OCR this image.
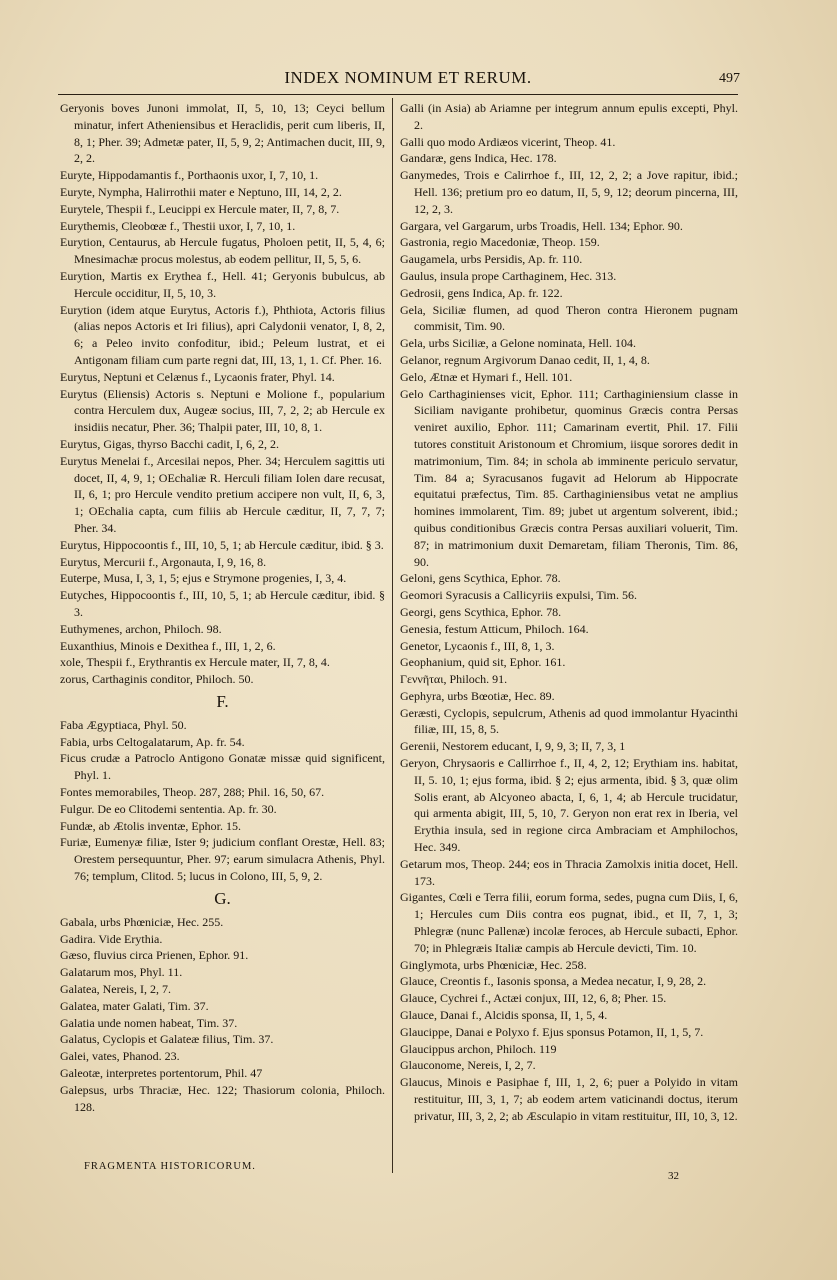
INDEX NOMINUM ET RERUM.	497
Geryonis boves Junoni immolat, II, 5, 10, 13; Ceyci bellum minatur, infert Atheniensibus et Heraclidis, perit cum liberis, II, 8, 1; Pher. 39; Admetæ pater, II, 5, 9, 2; Antimachen ducit, III, 9, 2, 2.
Euryte, Hippodamantis f., Porthaonis uxor, I, 7, 10, 1.
Euryte, Nympha, Halirrothii mater e Neptuno, III, 14, 2, 2.
Eurytele, Thespii f., Leucippi ex Hercule mater, II, 7, 8, 7.
Eurythemis, Cleobœæ f., Thestii uxor, I, 7, 10, 1.
Eurytion, Centaurus, ab Hercule fugatus, Pholoen petit, II, 5, 4, 6; Mnesimachæ procus molestus, ab eodem pellitur, II, 5, 5, 6.
Eurytion, Martis ex Erythea f., Hell. 41; Geryonis bubulcus, ab Hercule occiditur, II, 5, 10, 3.
Eurytion (idem atque Eurytus, Actoris f.), Phthiota, Actoris filius (alias nepos Actoris et Iri filius), apri Calydonii venator, I, 8, 2, 6; a Peleo invito confoditur, ibid.; Peleum lustrat, et ei Antigonam filiam cum parte regni dat, III, 13, 1, 1. Cf. Pher. 16.
Eurytus, Neptuni et Celænus f., Lycaonis frater, Phyl. 14.
Eurytus (Eliensis) Actoris s. Neptuni e Molione f., popularium contra Herculem dux, Augeæ socius, III, 7, 2, 2; ab Hercule ex insidiis necatur, Pher. 36; Thalpii pater, III, 10, 8, 1.
Eurytus, Gigas, thyrso Bacchi cadit, I, 6, 2, 2.
Eurytus Menelai f., Arcesilai nepos, Pher. 34; Herculem sagittis uti docet, II, 4, 9, 1; OEchaliæ R. Herculi filiam Iolen dare recusat, II, 6, 1; pro Hercule vendito pretium accipere non vult, II, 6, 3, 1; OEchalia capta, cum filiis ab Hercule cæditur, II, 7, 7, 7; Pher. 34.
Eurytus, Hippocoontis f., III, 10, 5, 1; ab Hercule cæditur, ibid. § 3.
Eurytus, Mercurii f., Argonauta, I, 9, 16, 8.
Euterpe, Musa, I, 3, 1, 5; ejus e Strymone progenies, I, 3, 4.
Eutyches, Hippocoontis f., III, 10, 5, 1; ab Hercule cæditur, ibid. § 3.
Euthymenes, archon, Philoch. 98.
Euxanthius, Minois e Dexithea f., III, 1, 2, 6.
xole, Thespii f., Erythrantis ex Hercule mater, II, 7, 8, 4.
zorus, Carthaginis conditor, Philoch. 50.
F.
Faba Ægyptiaca, Phyl. 50.
Fabia, urbs Celtogalatarum, Ap. fr. 54.
Ficus crudæ a Patroclo Antigono Gonatæ missæ quid significent, Phyl. 1.
Fontes memorabiles, Theop. 287, 288; Phil. 16, 50, 67.
Fulgur. De eo Clitodemi sententia. Ap. fr. 30.
Fundæ, ab Ætolis inventæ, Ephor. 15.
Furiæ, Eumenyæ filiæ, Ister 9; judicium conflant Orestæ, Hell. 83; Orestem persequuntur, Pher. 97; earum simulacra Athenis, Phyl. 76; templum, Clitod. 5; lucus in Colono, III, 5, 9, 2.
G.
Gabala, urbs Phœniciæ, Hec. 255.
Gadira. Vide Erythia.
Gæso, fluvius circa Prienen, Ephor. 91.
Galatarum mos, Phyl. 11.
Galatea, Nereis, I, 2, 7.
Galatea, mater Galati, Tim. 37.
Galatia unde nomen habeat, Tim. 37.
Galatus, Cyclopis et Galateæ filius, Tim. 37.
Galei, vates, Phanod. 23.
Galeotæ, interpretes portentorum, Phil. 47
Galepsus, urbs Thraciæ, Hec. 122; Thasiorum colonia, Philoch. 128.
Galli (in Asia) ab Ariamne per integrum annum epulis excepti, Phyl. 2.
Galli quo modo Ardiæos vicerint, Theop. 41.
Gandaræ, gens Indica, Hec. 178.
Ganymedes, Trois e Calirrhoe f., III, 12, 2, 2; a Jove rapitur, ibid.; Hell. 136; pretium pro eo datum, II, 5, 9, 12; deorum pincerna, III, 12, 2, 3.
Gargara, vel Gargarum, urbs Troadis, Hell. 134; Ephor. 90.
Gastronia, regio Macedoniæ, Theop. 159.
Gaugamela, urbs Persidis, Ap. fr. 110.
Gaulus, insula prope Carthaginem, Hec. 313.
Gedrosii, gens Indica, Ap. fr. 122.
Gela, Siciliæ flumen, ad quod Theron contra Hieronem pugnam commisit, Tim. 90.
Gela, urbs Siciliæ, a Gelone nominata, Hell. 104.
Gelanor, regnum Argivorum Danao cedit, II, 1, 4, 8.
Gelo, Ætnæ et Hymari f., Hell. 101.
Gelo Carthaginienses vicit, Ephor. 111; Carthaginiensium classe in Siciliam navigante prohibetur, quominus Græcis contra Persas veniret auxilio, Ephor. 111; Camarinam evertit, Phil. 17. Filii tutores constituit Aristonoum et Chromium, iisque sorores dedit in matrimonium, Tim. 84; in schola ab imminente periculo servatur, Tim. 84 a; Syracusanos fugavit ad Helorum ab Hippocrate equitatui præfectus, Tim. 85. Carthaginiensibus vetat ne amplius homines immolarent, Tim. 89; jubet ut argentum solverent, ibid.; quibus conditionibus Græcis contra Persas auxiliari voluerit, Tim. 87; in matrimonium duxit Demaretam, filiam Theronis, Tim. 86, 90.
Geloni, gens Scythica, Ephor. 78.
Geomori Syracusis a Callicyriis expulsi, Tim. 56.
Georgi, gens Scythica, Ephor. 78.
Genesia, festum Atticum, Philoch. 164.
Genetor, Lycaonis f., III, 8, 1, 3.
Geophanium, quid sit, Ephor. 161.
Γεννῆται, Philoch. 91.
Gephyra, urbs Bœotiæ, Hec. 89.
Geræsti, Cyclopis, sepulcrum, Athenis ad quod immolantur Hyacinthi filiæ, III, 15, 8, 5.
Gerenii, Nestorem educant, I, 9, 9, 3; II, 7, 3, 1
Geryon, Chrysaoris e Callirrhoe f., II, 4, 2, 12; Erythiam ins. habitat, II, 5. 10, 1; ejus forma, ibid. § 2; ejus armenta, ibid. § 3, quæ olim Solis erant, ab Alcyoneo abacta, I, 6, 1, 4; ab Hercule trucidatur, qui armenta abigit, III, 5, 10, 7. Geryon non erat rex in Iberia, vel Erythia insula, sed in regione circa Ambraciam et Amphilochos, Hec. 349.
Getarum mos, Theop. 244; eos in Thracia Zamolxis initia docet, Hell. 173.
Gigantes, Cœli e Terra filii, eorum forma, sedes, pugna cum Diis, I, 6, 1; Hercules cum Diis contra eos pugnat, ibid., et II, 7, 1, 3; Phlegræ (nunc Pallenæ) incolæ feroces, ab Hercule subacti, Ephor. 70; in Phlegræis Italiæ campis ab Hercule devicti, Tim. 10.
Ginglymota, urbs Phœniciæ, Hec. 258.
Glauce, Creontis f., Iasonis sponsa, a Medea necatur, I, 9, 28, 2.
Glauce, Cychrei f., Actæi conjux, III, 12, 6, 8; Pher. 15.
Glauce, Danai f., Alcidis sponsa, II, 1, 5, 4.
Glaucippe, Danai e Polyxo f. Ejus sponsus Potamon, II, 1, 5, 7.
Glaucippus archon, Philoch. 119
Glauconome, Nereis, I, 2, 7.
Glaucus, Minois e Pasiphae f, III, 1, 2, 6; puer a Polyido in vitam restituitur, III, 3, 1, 7; ab eodem artem vaticinandi doctus, iterum privatur, III, 3, 2, 2; ab Æsculapio in vitam restituitur, III, 10, 3, 12.
FRAGMENTA HISTORICORUM.
32
